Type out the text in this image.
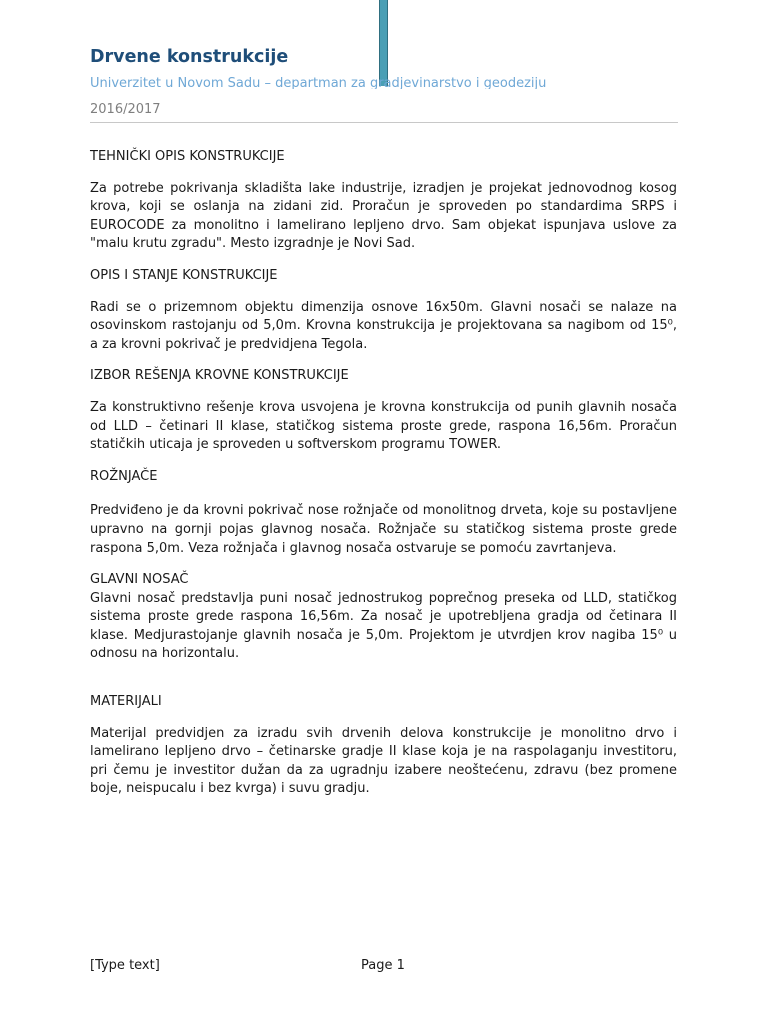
Drvene konstrukcije
Univerzitet u Novom Sadu – departman za gradjevinarstvo i geodeziju
2016/2017

TEHNIČKI OPIS KONSTRUKCIJE

Za potrebe pokrivanja skladišta lake industrije, izradjen je projekat jednovodnog kosog krova, koji se oslanja na zidani zid. Proračun je sproveden po standardima SRPS i EUROCODE za monolitno i lamelirano lepljeno drvo. Sam objekat ispunjava uslove za "malu krutu zgradu". Mesto izgradnje je Novi Sad.

OPIS I STANJE KONSTRUKCIJE

Radi se o prizemnom objektu dimenzija osnove 16x50m. Glavni nosači se nalaze na osovinskom rastojanju od 5,0m. Krovna konstrukcija je projektovana sa nagibom od 15⁰, a za krovni pokrivač je predvidjena Tegola.

IZBOR REŠENJA KROVNE KONSTRUKCIJE

Za konstruktivno rešenje krova usvojena je krovna konstrukcija od punih glavnih nosača od LLD – četinari II klase, statičkog sistema proste grede, raspona 16,56m. Proračun statičkih uticaja je sproveden u softverskom programu TOWER.

ROŽNJAČE

Predviđeno je da krovni pokrivač nose rožnjače od monolitnog drveta, koje su postavljene upravno na gornji pojas glavnog nosača. Rožnjače su statičkog sistema proste grede raspona 5,0m. Veza rožnjača i glavnog nosača ostvaruje se pomoću zavrtanjeva.

GLAVNI NOSAČ

Glavni nosač predstavlja puni nosač jednostrukog poprečnog preseka od LLD, statičkog sistema proste grede raspona 16,56m. Za nosač je upotrebljena gradja od četinara II klase. Medjurastojanje glavnih nosača je 5,0m. Projektom je utvrdjen krov nagiba 15⁰ u odnosu na horizontalu.

MATERIJALI

Materijal predvidjen za izradu svih drvenih delova konstrukcije je monolitno drvo i lamelirano lepljeno drvo – četinarske gradje II klase koja je na raspolaganju investitoru, pri čemu je investitor dužan da za ugradnju izabere neoštećenu, zdravu (bez promene boje, neispucalu i bez kvrga) i suvu gradju.

[Type text]	Page 1
